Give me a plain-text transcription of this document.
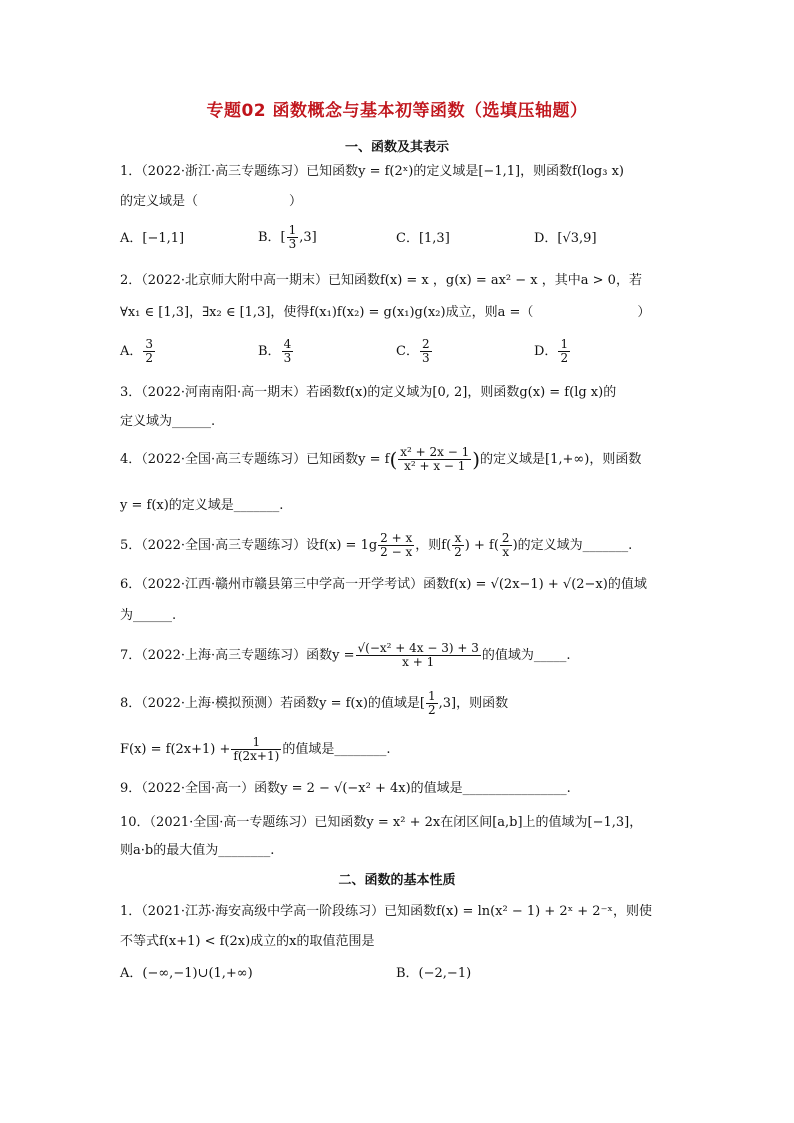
专题02 函数概念与基本初等函数（选填压轴题）
一、函数及其表示
1．（2022·浙江·高三专题练习）已知函数y = f(2ˣ)的定义域是[−1,1]，则函数f(log₃ x)
的定义域是（　　　　　　　）
A．[−1,1]	B．[ $\frac{1}{3} ,3$]	C．[1,3]	D．[√3,9]
2．（2022·北京师大附中高一期末）已知函数f(x) = x ，g(x) = ax² − x ，其中a > 0，若
∀x₁ ∈ [1,3]，∃x₂ ∈ [1,3]，使得f(x₁)f(x₂) = g(x₁)g(x₂)成立，则a =（　　　　　　　　）
A． $\frac{3}{2}$	B． $\frac{4}{3}$	C． $\frac{2}{3}$	D． $\frac{1}{2}$
3．（2022·河南南阳·高一期末）若函数f(x)的定义域为[0, 2]，则函数g(x) = f(lg x)的
定义域为______.
4．（2022·全国·高三专题练习）已知函数$y = f( \frac{\text{x² + 2x − 1}}{\text{x² + x − 1}}$ )的定义域是[1,+∞)，则函数
y = f(x)的定义域是_______.
5．（2022·全国·高三专题练习）设$f(x) = 1g \frac{2 + x}{2 - x}$ ，则$f( \frac{x}{2}$ ) + $f( \frac{2}{x}$ )的定义域为_______.
6．（2022·江西·赣州市赣县第三中学高一开学考试）函数f(x) = √(2x−1) + √(2−x)的值域
为______.
7．（2022·上海·高三专题练习）函数$y = \frac{\text{√(−x² + 4x − 3) + 3}}{x + 1}$ 的值域为_____.
8．（2022·上海·模拟预测）若函数y = f(x)的值域是[ $\frac{1}{2} ,3$]，则函数
$F(x) = f(2x+1) + \frac{1}{f(2x+1)}$ 的值域是________.
9．（2022·全国·高一）函数y = 2 − √(−x² + 4x)的值域是________________.
10．（2021·全国·高一专题练习）已知函数y = x² + 2x在闭区间[a,b]上的值域为[−1,3]，
则a·b的最大值为________.
二、函数的基本性质
1．（2021·江苏·海安高级中学高一阶段练习）已知函数f(x) = ln(x² − 1) + 2ˣ + 2⁻ˣ，则使
不等式f(x+1) < f(2x)成立的x的取值范围是
A．(−∞,−1)∪(1,+∞)	B．(−2,−1)
